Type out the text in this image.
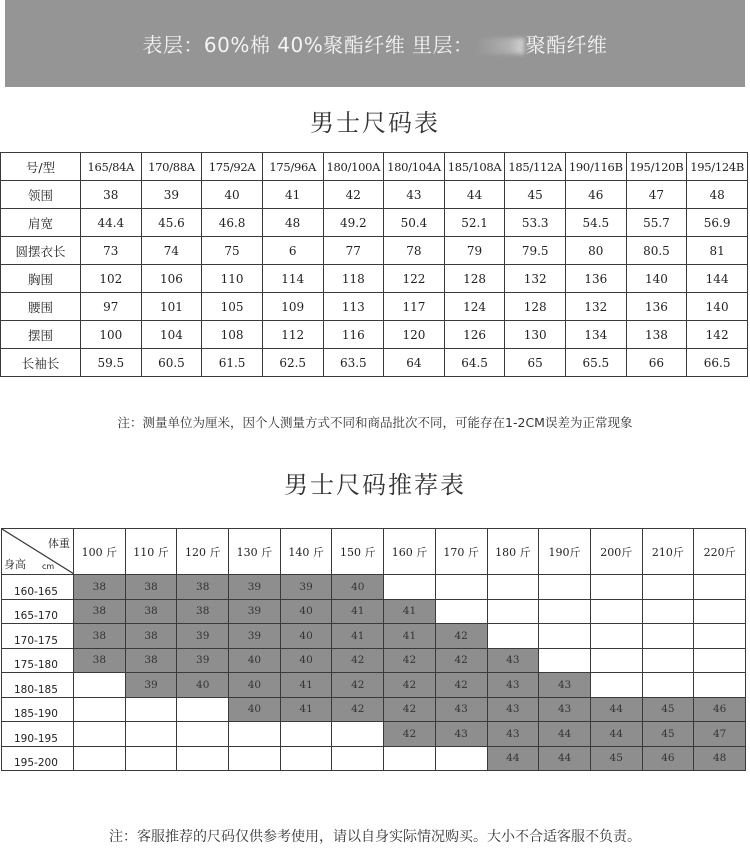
表层：60%棉 40%聚酯纤维 里层：	聚酯纤维
男士尺码表
号/型	165/84A	170/88A	175/92A	175/96A	180/100A	180/104A	185/108A	185/112A	190/116B	195/120B	195/124B
领围	38	39	40	41	42	43	44	45	46	47	48
肩宽	44.4	45.6	46.8	48	49.2	50.4	52.1	53.3	54.5	55.7	56.9
圆摆衣长	73	74	75	6	77	78	79	79.5	80	80.5	81
胸围	102	106	110	114	118	122	128	132	136	140	144
腰围	97	101	105	109	113	117	124	128	132	136	140
摆围	100	104	108	112	116	120	126	130	134	138	142
长袖长	59.5	60.5	61.5	62.5	63.5	64	64.5	65	65.5	66	66.5
注：测量单位为厘米，因个人测量方式不同和商品批次不同，可能存在1-2CM误差为正常现象
男士尺码推荐表
体重
身高 cm	100 斤	110 斤	120 斤	130 斤	140 斤	150 斤	160 斤	170 斤	180 斤	190斤	200斤	210斤	220斤
160-165	38	38	38	39	39	40							
165-170	38	38	38	39	40	41	41						
170-175	38	38	39	39	40	41	41	42					
175-180	38	38	39	40	40	42	42	42	43				
180-185		39	40	40	41	42	42	42	43	43			
185-190				40	41	42	42	43	43	43	44	45	46
190-195							42	43	43	44	44	45	47
195-200									44	44	45	46	48
注：客服推荐的尺码仅供参考使用，请以自身实际情况购买。大小不合适客服不负责。
